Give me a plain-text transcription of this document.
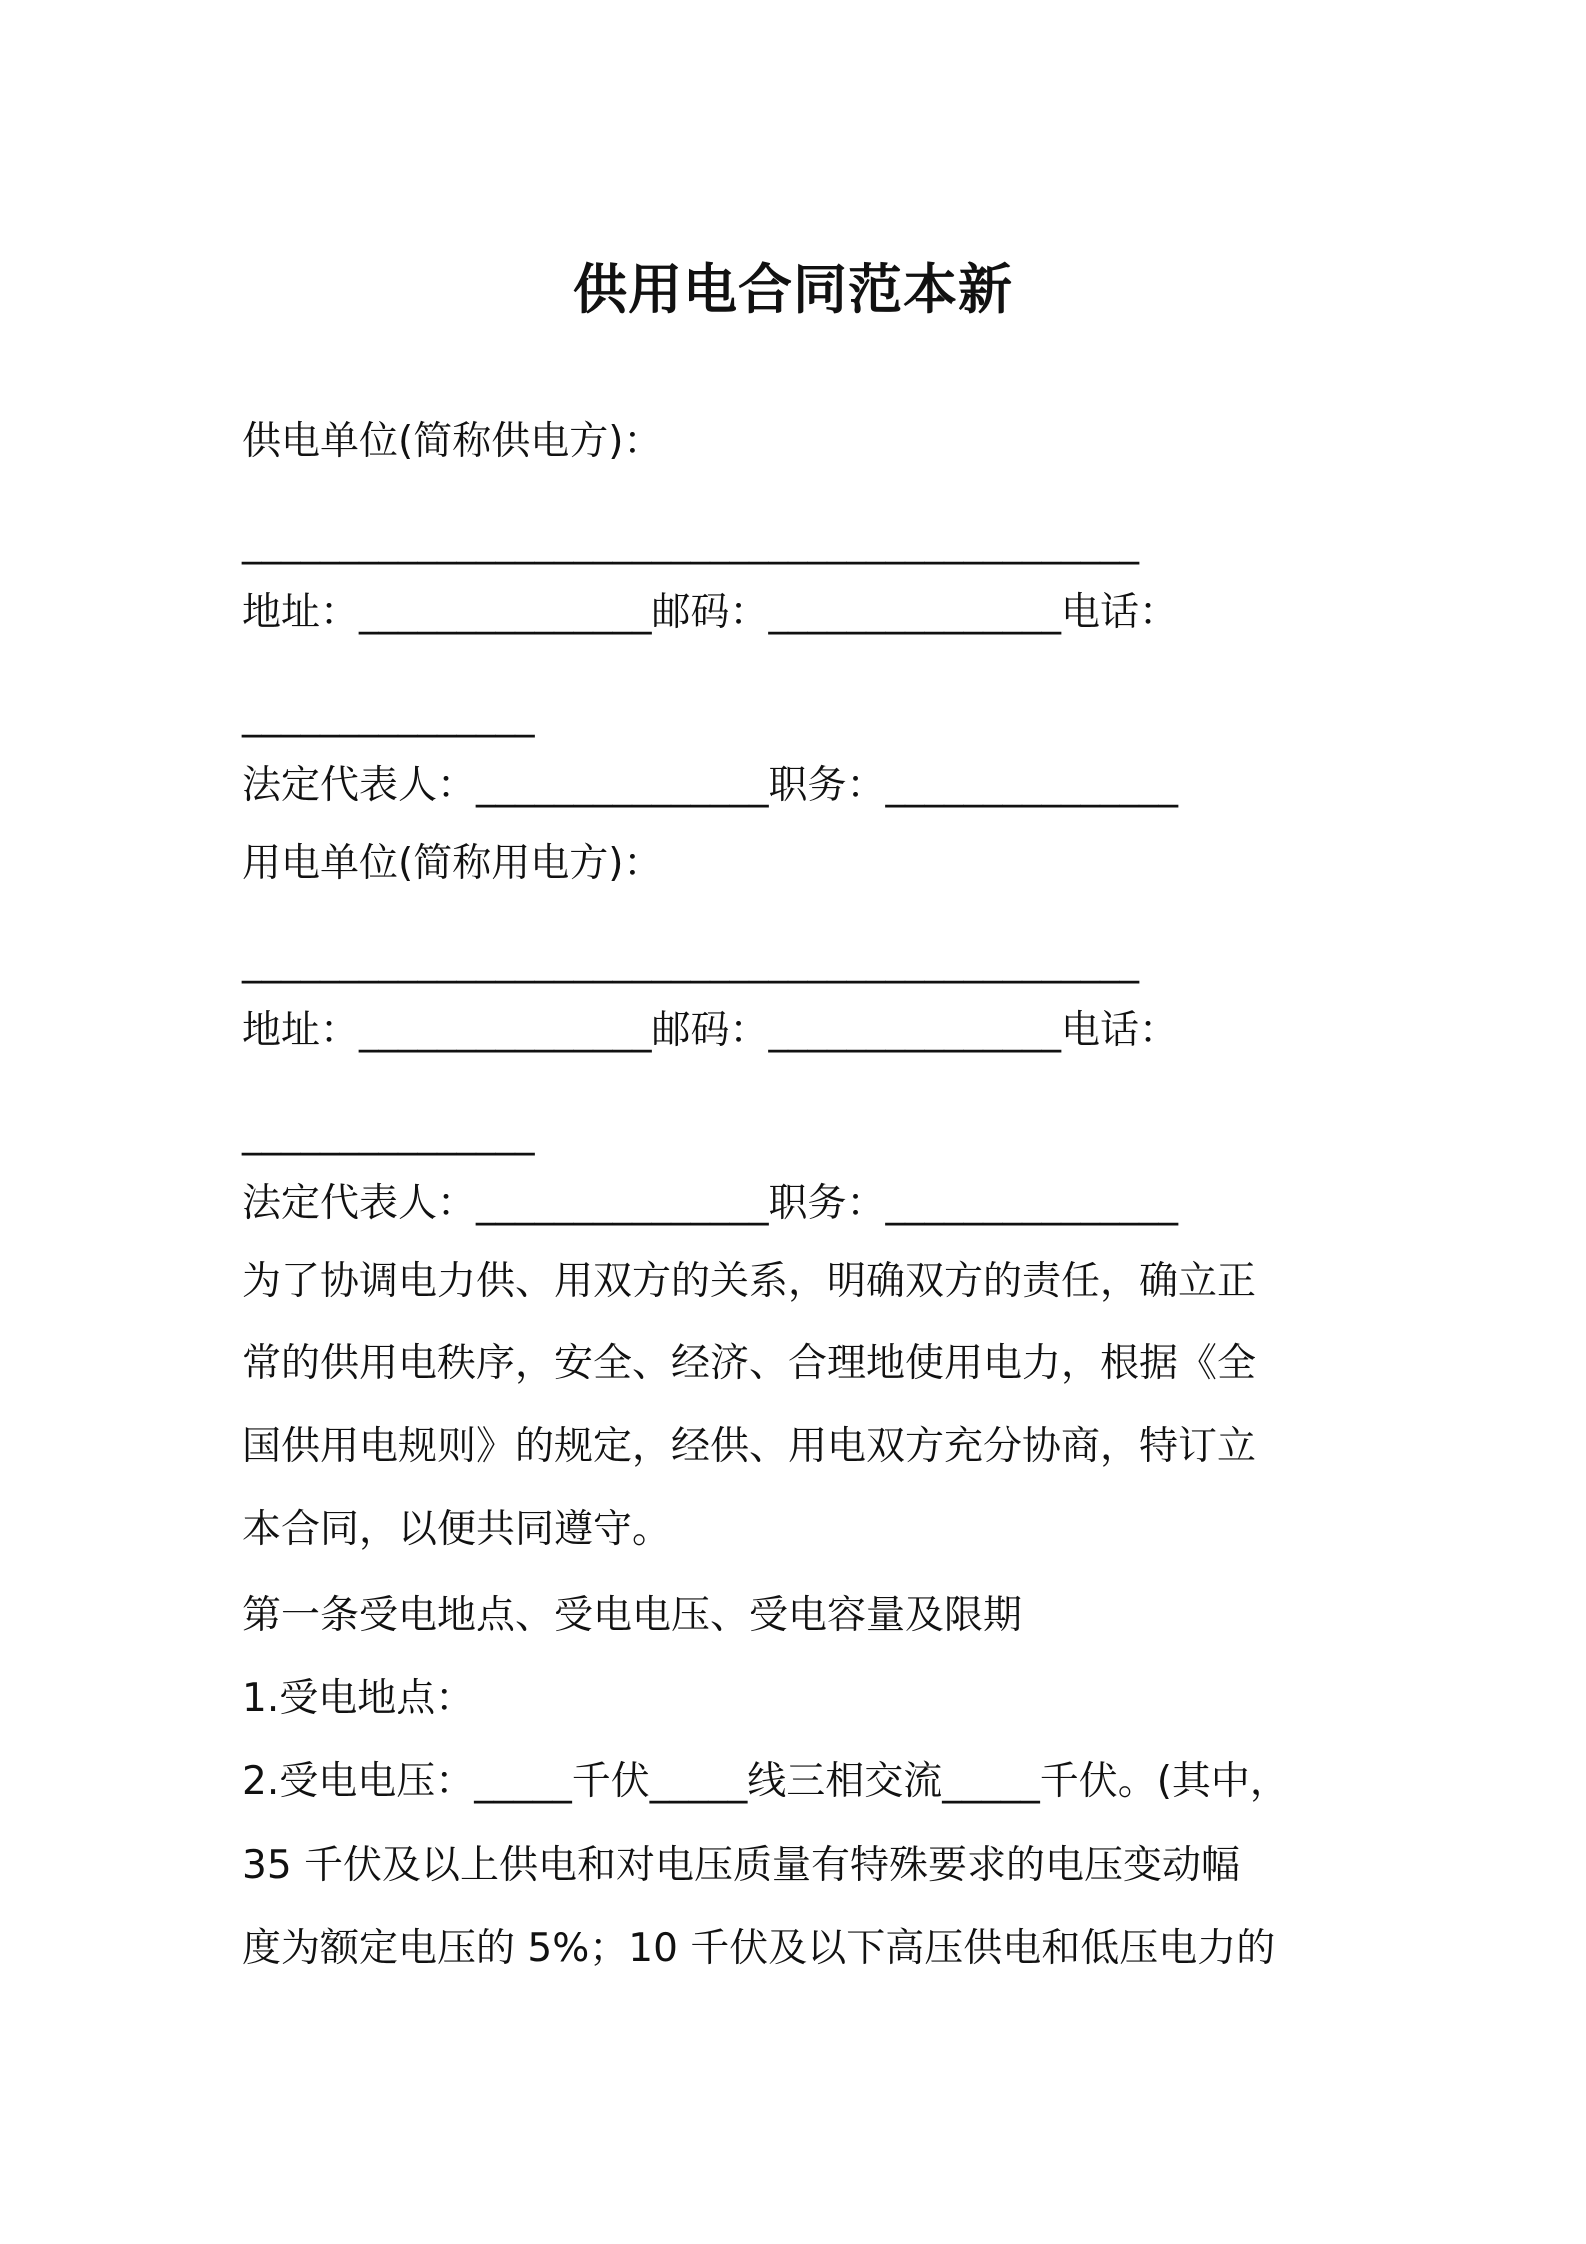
供用电合同范本新

供电单位(简称供电方)：

______________________________________________

地址：_______________邮码：_______________电话：

_______________

法定代表人：_______________职务：_______________

用电单位(简称用电方)：

______________________________________________

地址：_______________邮码：_______________电话：

_______________

法定代表人：_______________职务：_______________

为了协调电力供、用双方的关系，明确双方的责任，确立正

常的供用电秩序，安全、经济、合理地使用电力，根据《全

国供用电规则》的规定，经供、用电双方充分协商，特订立

本合同，以便共同遵守。

第一条受电地点、受电电压、受电容量及限期

1.受电地点：

2.受电电压：_____千伏_____线三相交流_____千伏。(其中，

35 千伏及以上供电和对电压质量有特殊要求的电压变动幅

度为额定电压的 5%；10 千伏及以下高压供电和低压电力的
